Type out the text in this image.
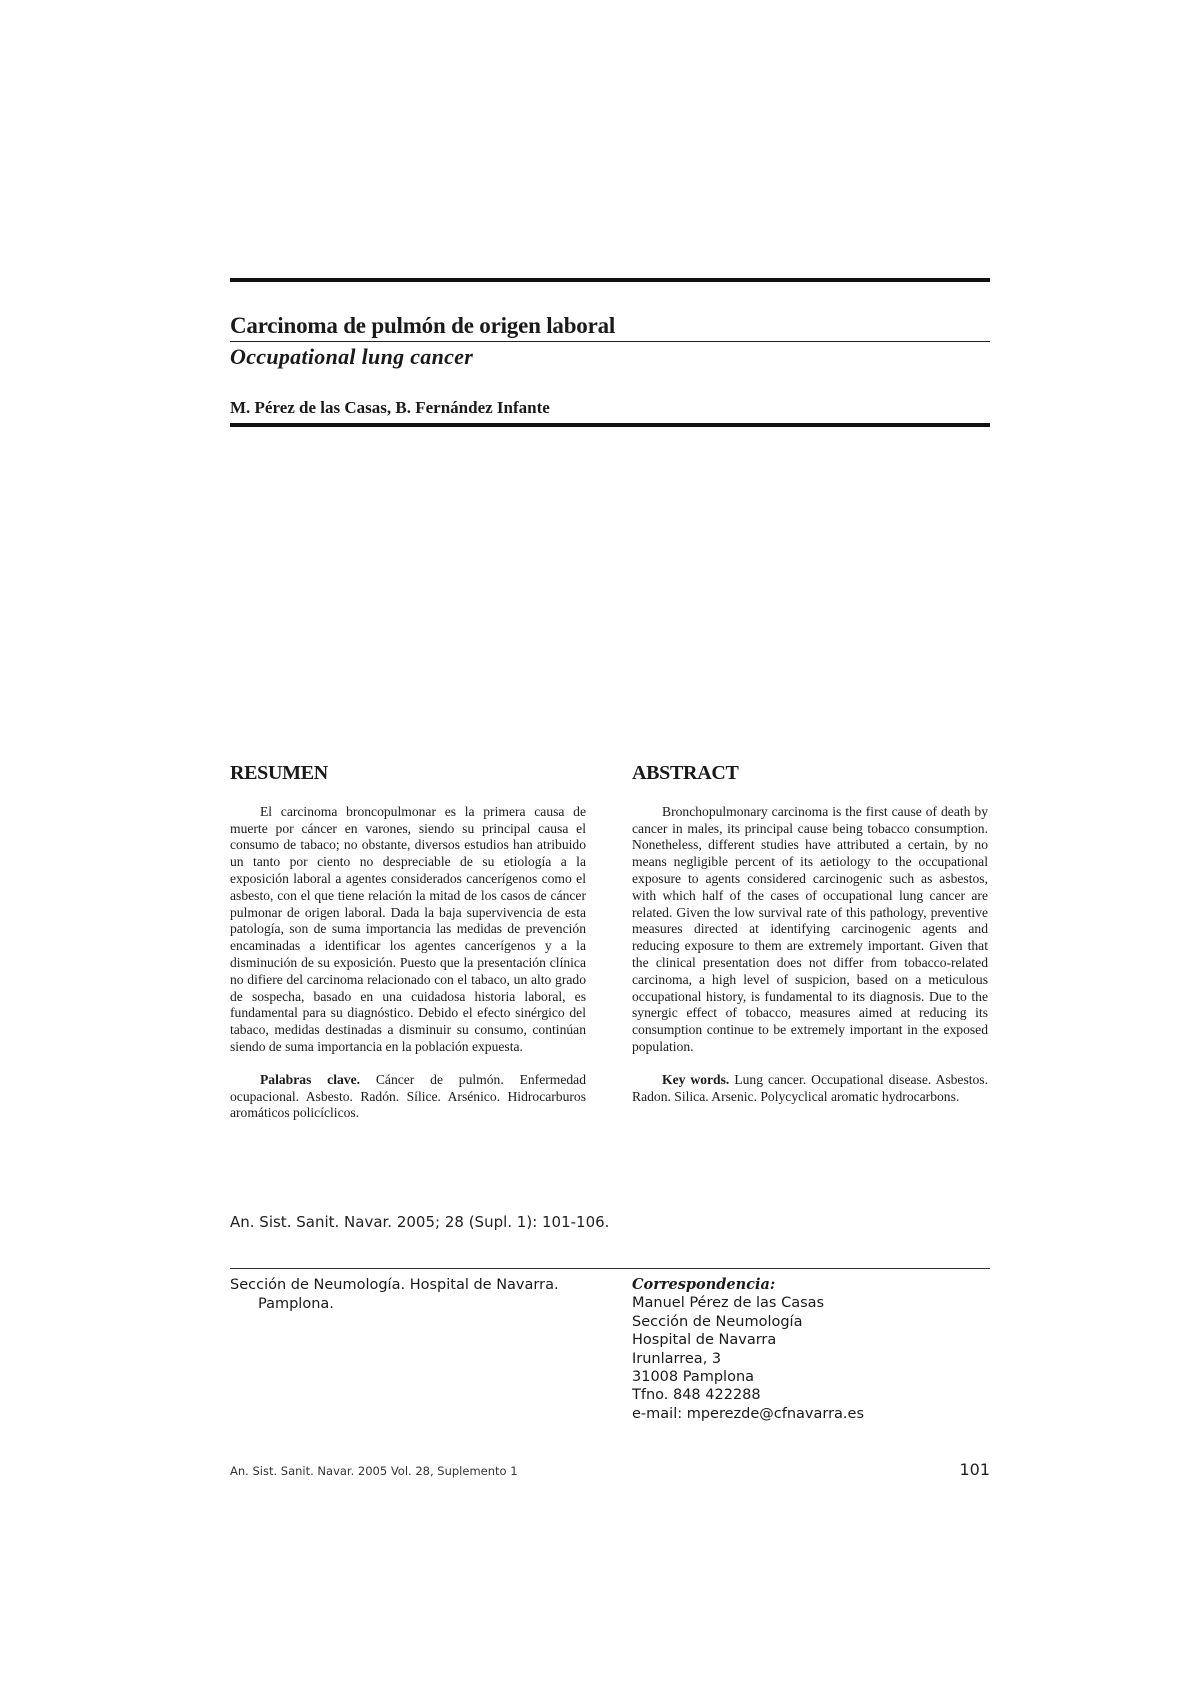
Carcinoma de pulmón de origen laboral
Occupational lung cancer

M. Pérez de las Casas, B. Fernández Infante

RESUMEN

El carcinoma broncopulmonar es la primera causa de muerte por cáncer en varones, siendo su principal causa el consumo de tabaco; no obstante, diversos estudios han atribuido un tanto por ciento no despreciable de su etiología a la exposición laboral a agentes considerados cancerígenos como el asbesto, con el que tiene relación la mitad de los casos de cáncer pulmonar de origen laboral. Dada la baja supervivencia de esta patología, son de suma importancia las medidas de prevención encaminadas a identificar los agentes cancerígenos y a la disminución de su exposición. Puesto que la presentación clínica no difiere del carcinoma relacionado con el tabaco, un alto grado de sospecha, basado en una cuidadosa historia laboral, es fundamental para su diagnóstico. Debido el efecto sinérgico del tabaco, medidas destinadas a disminuir su consumo, continúan siendo de suma importancia en la población expuesta.

Palabras clave. Cáncer de pulmón. Enfermedad ocupacional. Asbesto. Radón. Sílice. Arsénico. Hidrocarburos aromáticos policíclicos.

ABSTRACT

Bronchopulmonary carcinoma is the first cause of death by cancer in males, its principal cause being tobacco consumption. Nonetheless, different studies have attributed a certain, by no means negligible percent of its aetiology to the occupational exposure to agents considered carcinogenic such as asbestos, with which half of the cases of occupational lung cancer are related. Given the low survival rate of this pathology, preventive measures directed at identifying carcinogenic agents and reducing exposure to them are extremely important. Given that the clinical presentation does not differ from tobacco-related carcinoma, a high level of suspicion, based on a meticulous occupational history, is fundamental to its diagnosis. Due to the synergic effect of tobacco, measures aimed at reducing its consumption continue to be extremely important in the exposed population.

Key words. Lung cancer. Occupational disease. Asbestos. Radon. Silica. Arsenic. Polycyclical aromatic hydrocarbons.

An. Sist. Sanit. Navar. 2005; 28 (Supl. 1): 101-106.

Sección de Neumología. Hospital de Navarra.
Pamplona.

Correspondencia:
Manuel Pérez de las Casas
Sección de Neumología
Hospital de Navarra
Irunlarrea, 3
31008 Pamplona
Tfno. 848 422288
e-mail: mperezde@cfnavarra.es
An. Sist. Sanit. Navar. 2005 Vol. 28, Suplemento 1	101
